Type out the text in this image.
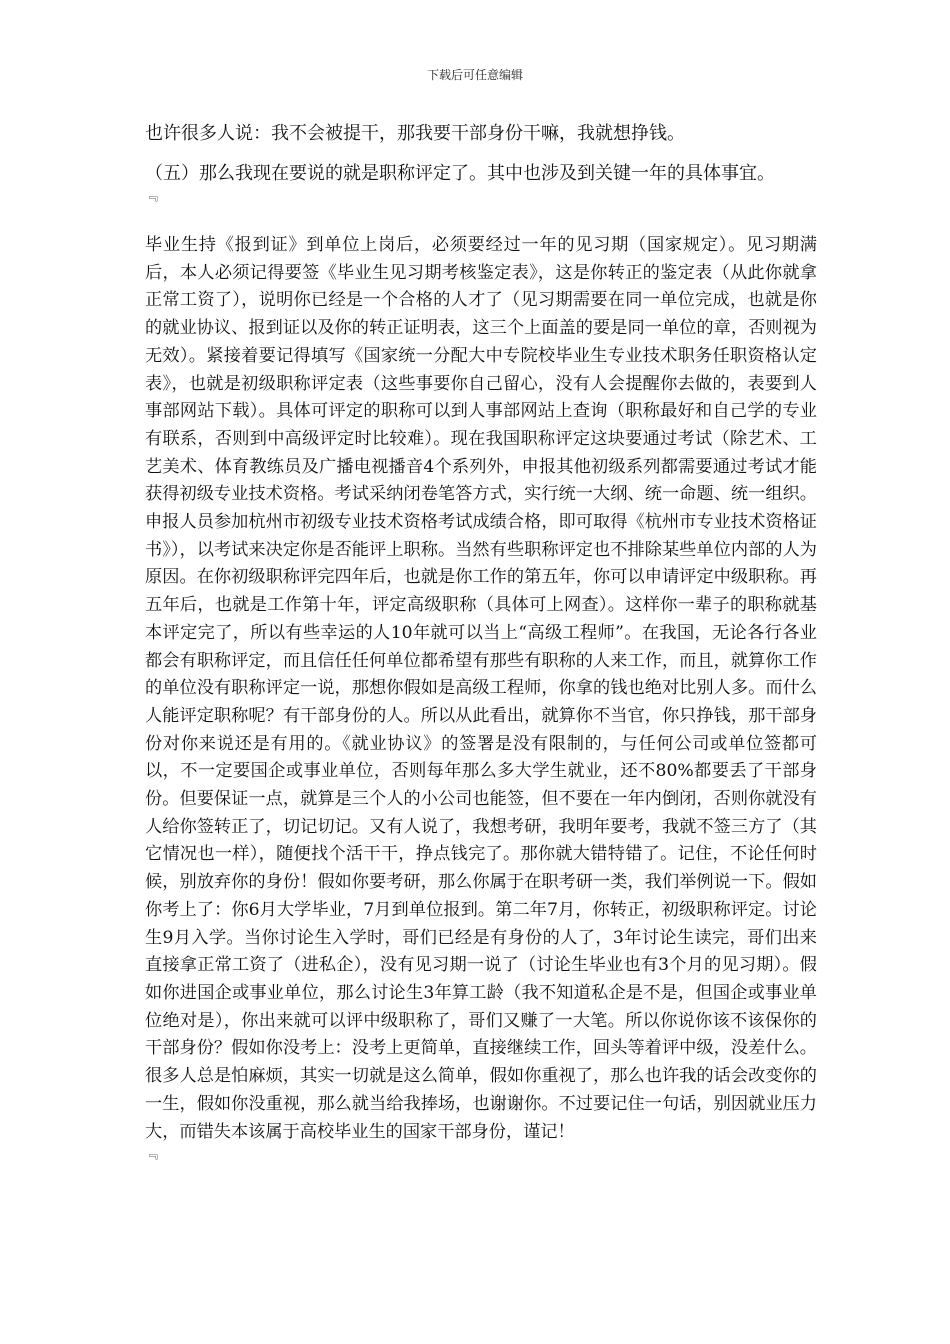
下载后可任意编辑

也许很多人说：我不会被提干，那我要干部身份干嘛，我就想挣钱。

（五）那么我现在要说的就是职称评定了。其中也涉及到关键一年的具体事宜。

﹃

毕业生持《报到证》到单位上岗后，必须要经过一年的见习期（国家规定）。见习期满后，本人必须记得要签《毕业生见习期考核鉴定表》，这是你转正的鉴定表（从此你就拿正常工资了），说明你已经是一个合格的人才了（见习期需要在同一单位完成，也就是你的就业协议、报到证以及你的转正证明表，这三个上面盖的要是同一单位的章，否则视为无效）。紧接着要记得填写《国家统一分配大中专院校毕业生专业技术职务任职资格认定表》，也就是初级职称评定表（这些事要你自己留心，没有人会提醒你去做的，表要到人事部网站下载）。具体可评定的职称可以到人事部网站上查询（职称最好和自己学的专业有联系，否则到中高级评定时比较难）。现在我国职称评定这块要通过考试（除艺术、工艺美术、体育教练员及广播电视播音4个系列外，申报其他初级系列都需要通过考试才能获得初级专业技术资格。考试采纳闭卷笔答方式，实行统一大纲、统一命题、统一组织。申报人员参加杭州市初级专业技术资格考试成绩合格，即可取得《杭州市专业技术资格证书》），以考试来决定你是否能评上职称。当然有些职称评定也不排除某些单位内部的人为原因。在你初级职称评完四年后，也就是你工作的第五年，你可以申请评定中级职称。再五年后，也就是工作第十年，评定高级职称（具体可上网查）。这样你一辈子的职称就基本评定完了，所以有些幸运的人10年就可以当上“高级工程师”。在我国，无论各行各业都会有职称评定，而且信任任何单位都希望有那些有职称的人来工作，而且，就算你工作的单位没有职称评定一说，那想你假如是高级工程师，你拿的钱也绝对比别人多。而什么人能评定职称呢？有干部身份的人。所以从此看出，就算你不当官，你只挣钱，那干部身份对你来说还是有用的。《就业协议》的签署是没有限制的，与任何公司或单位签都可以，不一定要国企或事业单位，否则每年那么多大学生就业，还不80%都要丢了干部身份。但要保证一点，就算是三个人的小公司也能签，但不要在一年内倒闭，否则你就没有人给你签转正了，切记切记。又有人说了，我想考研，我明年要考，我就不签三方了（其它情况也一样），随便找个活干干，挣点钱完了。那你就大错特错了。记住，不论任何时候，别放弃你的身份！假如你要考研，那么你属于在职考研一类，我们举例说一下。假如你考上了：你6月大学毕业，7月到单位报到。第二年7月，你转正，初级职称评定。讨论生9月入学。当你讨论生入学时，哥们已经是有身份的人了，3年讨论生读完，哥们出来直接拿正常工资了（进私企），没有见习期一说了（讨论生毕业也有3个月的见习期）。假如你进国企或事业单位，那么讨论生3年算工龄（我不知道私企是不是，但国企或事业单位绝对是），你出来就可以评中级职称了，哥们又赚了一大笔。所以你说你该不该保你的干部身份？假如你没考上：没考上更简单，直接继续工作，回头等着评中级，没差什么。很多人总是怕麻烦，其实一切就是这么简单，假如你重视了，那么也许我的话会改变你的一生，假如你没重视，那么就当给我捧场，也谢谢你。不过要记住一句话，别因就业压力大，而错失本该属于高校毕业生的国家干部身份，谨记！

﹃
